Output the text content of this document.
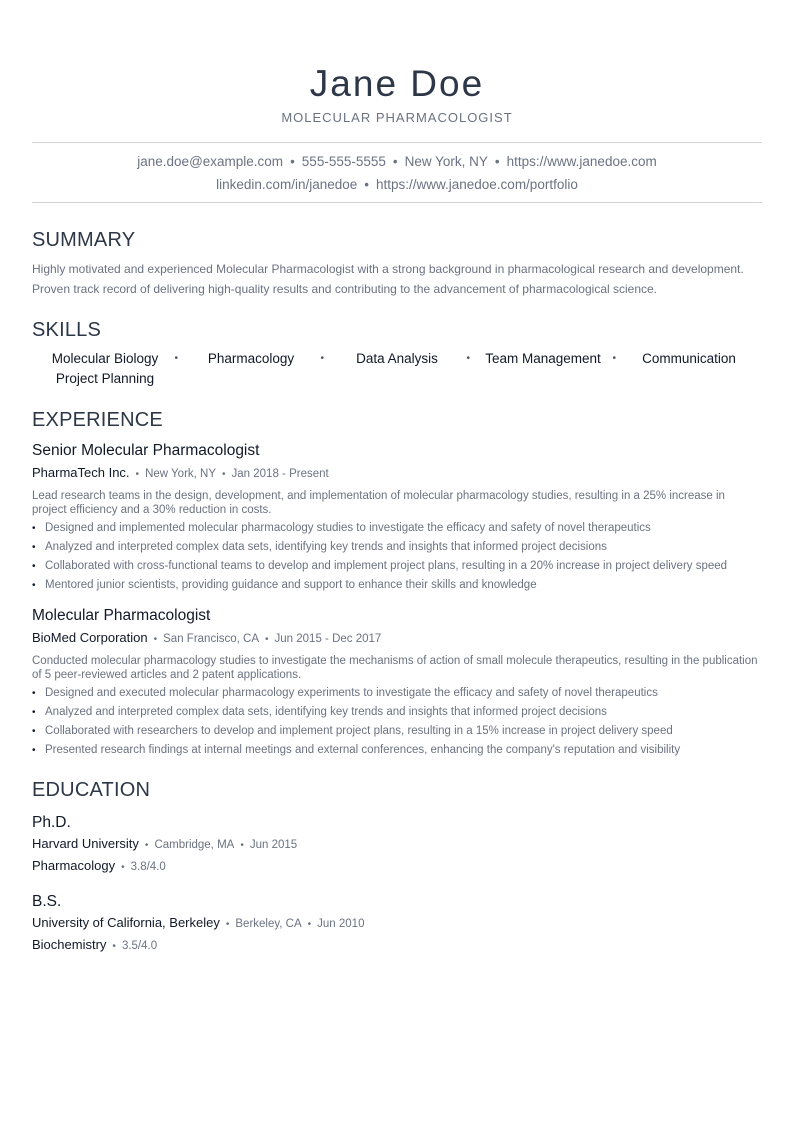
Jane Doe
MOLECULAR PHARMACOLOGIST
jane.doe@example.com • 555-555-5555 • New York, NY • https://www.janedoe.com
linkedin.com/in/janedoe • https://www.janedoe.com/portfolio
SUMMARY
Highly motivated and experienced Molecular Pharmacologist with a strong background in pharmacological research and development. Proven track record of delivering high-quality results and contributing to the advancement of pharmacological science.
SKILLS
Molecular Biology •	Pharmacology	•	Data Analysis	•	Team Management •	Communication
Project Planning
EXPERIENCE
Senior Molecular Pharmacologist
PharmaTech Inc. • New York, NY • Jan 2018 - Present
Lead research teams in the design, development, and implementation of molecular pharmacology studies, resulting in a 25% increase in project efficiency and a 30% reduction in costs.
• Designed and implemented molecular pharmacology studies to investigate the efficacy and safety of novel therapeutics
• Analyzed and interpreted complex data sets, identifying key trends and insights that informed project decisions
• Collaborated with cross-functional teams to develop and implement project plans, resulting in a 20% increase in project delivery speed
• Mentored junior scientists, providing guidance and support to enhance their skills and knowledge
Molecular Pharmacologist
BioMed Corporation • San Francisco, CA • Jun 2015 - Dec 2017
Conducted molecular pharmacology studies to investigate the mechanisms of action of small molecule therapeutics, resulting in the publication of 5 peer-reviewed articles and 2 patent applications.
• Designed and executed molecular pharmacology experiments to investigate the efficacy and safety of novel therapeutics
• Analyzed and interpreted complex data sets, identifying key trends and insights that informed project decisions
• Collaborated with researchers to develop and implement project plans, resulting in a 15% increase in project delivery speed
• Presented research findings at internal meetings and external conferences, enhancing the company's reputation and visibility
EDUCATION
Ph.D.
Harvard University • Cambridge, MA • Jun 2015
Pharmacology • 3.8/4.0
B.S.
University of California, Berkeley • Berkeley, CA • Jun 2010
Biochemistry • 3.5/4.0
